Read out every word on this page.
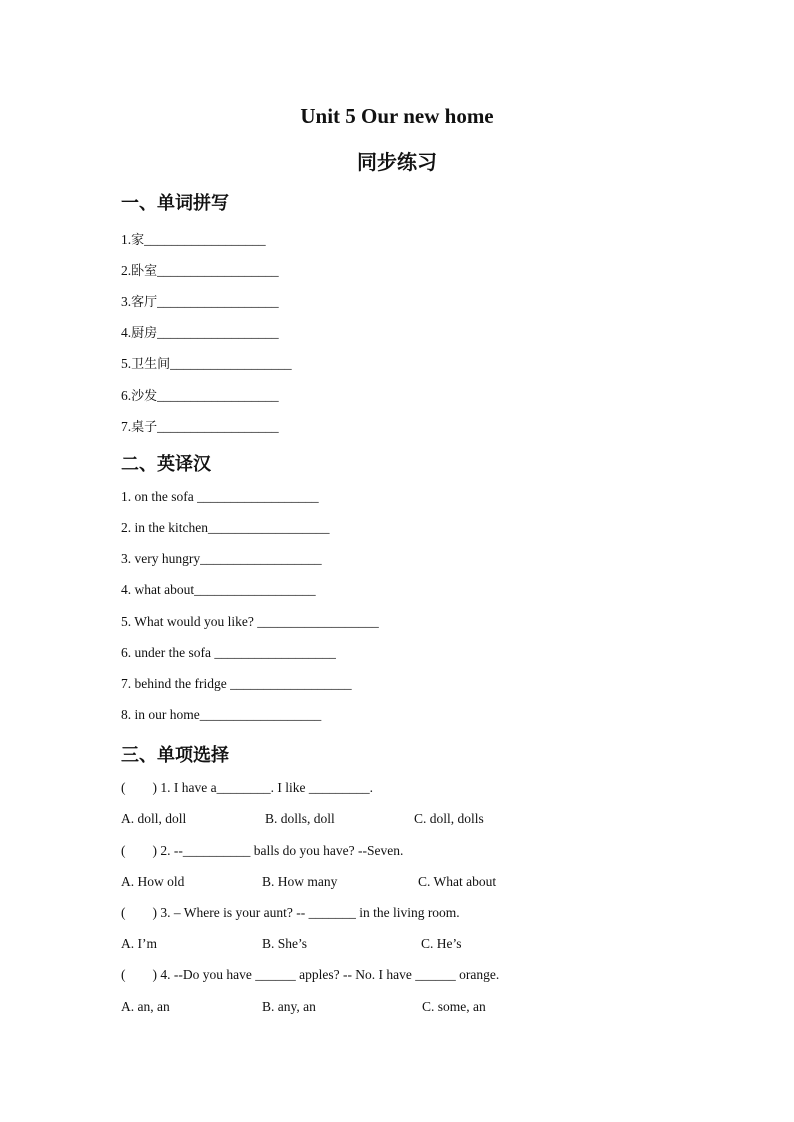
Unit 5 Our new home
同步练习
一、单词拼写
1.家__________________
2.卧室__________________
3.客厅__________________
4.厨房__________________
5.卫生间__________________
6.沙发__________________
7.桌子__________________
二、英译汉
1. on the sofa __________________
2. in the kitchen__________________
3. very hungry__________________
4. what about__________________
5. What would you like? __________________
6. under the sofa __________________
7. behind the fridge __________________
8. in our home__________________
三、单项选择
(        ) 1. I have a________. I like _________.
A. doll, doll	B. dolls, doll	C. doll, dolls
(        ) 2. --__________ balls do you have? --Seven.
A. How old	B. How many	C. What about
(        ) 3. – Where is your aunt? -- _______ in the living room.
A. I’m	B. She’s	C. He’s
(        ) 4. --Do you have ______ apples? -- No. I have ______ orange.
A. an, an	B. any, an	C. some, an
